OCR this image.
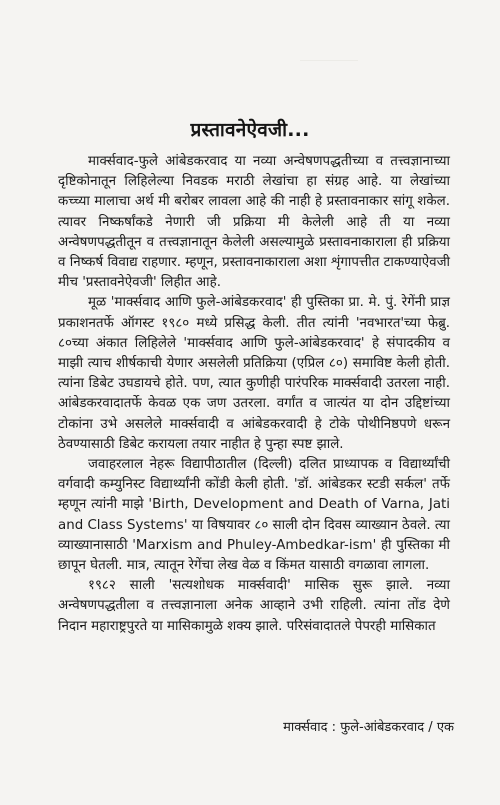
प्रस्तावनेऐवजी...

मार्क्सवाद-फुले आंबेडकरवाद या नव्या अन्वेषणपद्धतीच्या व तत्त्वज्ञानाच्या दृष्टिकोनातून लिहिलेल्या निवडक मराठी लेखांचा हा संग्रह आहे. या लेखांच्या कच्च्या मालाचा अर्थ मी बरोबर लावला आहे की नाही हे प्रस्तावनाकार सांगू शकेल. त्यावर निष्कर्षांकडे नेणारी जी प्रक्रिया मी केलेली आहे ती या नव्या अन्वेषणपद्धतीतून व तत्त्वज्ञानातून केलेली असल्यामुळे प्रस्तावनाकाराला ही प्रक्रिया व निष्कर्ष विवाद्य राहणार. म्हणून, प्रस्तावनाकाराला अशा शृंगापत्तीत टाकण्याऐवजी मीच 'प्रस्तावनेऐवजी' लिहीत आहे.

मूळ 'मार्क्सवाद आणि फुले-आंबेडकरवाद' ही पुस्तिका प्रा. मे. पुं. रेगेंनी प्राज्ञ प्रकाशनतर्फे ऑगस्ट १९८० मध्ये प्रसिद्ध केली. तीत त्यांनी 'नवभारत'च्या फेब्रु. ८०च्या अंकात लिहिलेले 'मार्क्सवाद आणि फुले-आंबेडकरवाद' हे संपादकीय व माझी त्याच शीर्षकाची येणार असलेली प्रतिक्रिया (एप्रिल ८०) समाविष्ट केली होती. त्यांना डिबेट उघडायचे होते. पण, त्यात कुणीही पारंपरिक मार्क्सवादी उतरला नाही. आंबेडकरवादातर्फे केवळ एक जण उतरला. वर्गांत व जात्यंत या दोन उद्दिष्टांच्या टोकांना उभे असलेले मार्क्सवादी व आंबेडकरवादी हे टोके पोथीनिष्ठपणे धरून ठेवण्यासाठी डिबेट करायला तयार नाहीत हे पुन्हा स्पष्ट झाले.

जवाहरलाल नेहरू विद्यापीठातील (दिल्ली) दलित प्राध्यापक व विद्यार्थ्यांची वर्गवादी कम्युनिस्ट विद्यार्थ्यांनी कोंडी केली होती. 'डॉ. आंबेडकर स्टडी सर्कल' तर्फे म्हणून त्यांनी माझे 'Birth, Development and Death of Varna, Jati and Class Systems' या विषयावर ८० साली दोन दिवस व्याख्यान ठेवले. त्या व्याख्यानासाठी 'Marxism and Phuley-Ambedkar-ism' ही पुस्तिका मी छापून घेतली. मात्र, त्यातून रेगेंचा लेख वेळ व किंमत यासाठी वगळावा लागला.

१९८२ साली 'सत्यशोधक मार्क्सवादी' मासिक सुरू झाले. नव्या अन्वेषणपद्धतीला व तत्त्वज्ञानाला अनेक आव्हाने उभी राहिली. त्यांना तोंड देणे निदान महाराष्ट्रपुरते या मासिकामुळे शक्य झाले. परिसंवादातले पेपरही मासिकात

मार्क्सवाद : फुले-आंबेडकरवाद / एक
